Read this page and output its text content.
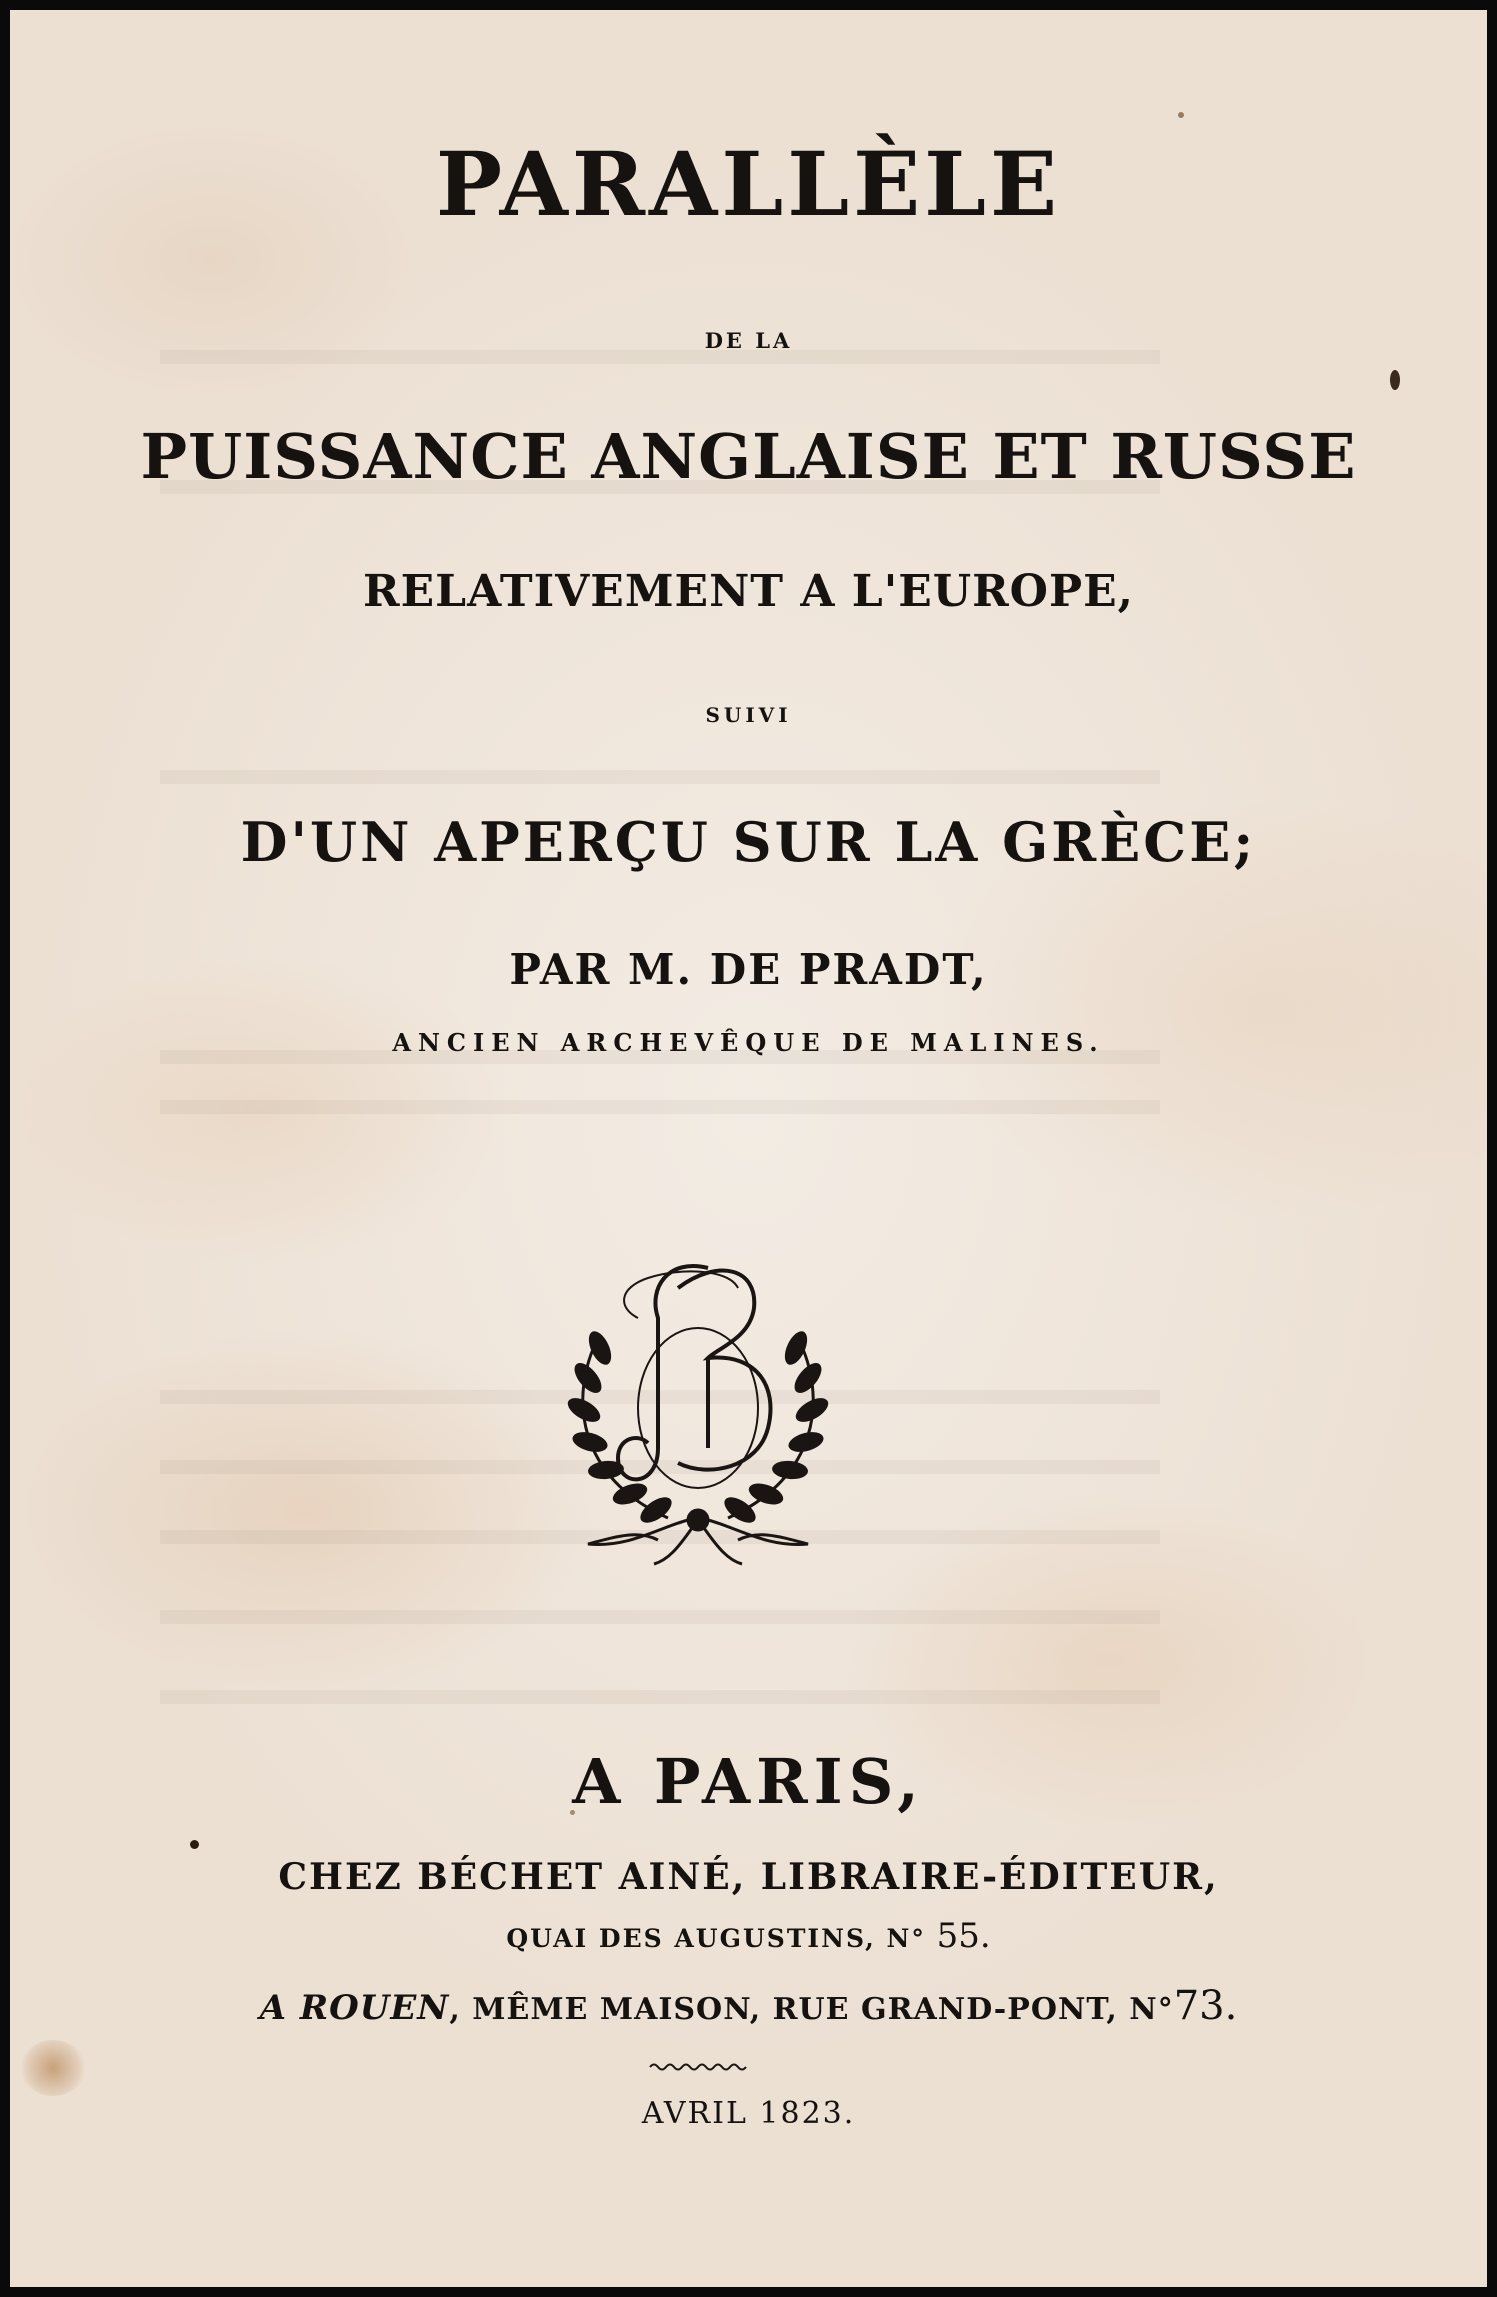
PARALLÈLE
DE LA
PUISSANCE ANGLAISE ET RUSSE
RELATIVEMENT A L'EUROPE,
SUIVI
D'UN APERÇU SUR LA GRÈCE;
PAR M. DE PRADT,
ANCIEN ARCHEVÊQUE DE MALINES.
A PARIS,
CHEZ BÉCHET AINÉ, LIBRAIRE-ÉDITEUR,
QUAI DES AUGUSTINS, N° 55.
A ROUEN, MÊME MAISON, RUE GRAND-PONT, N°73.
AVRIL 1823.
